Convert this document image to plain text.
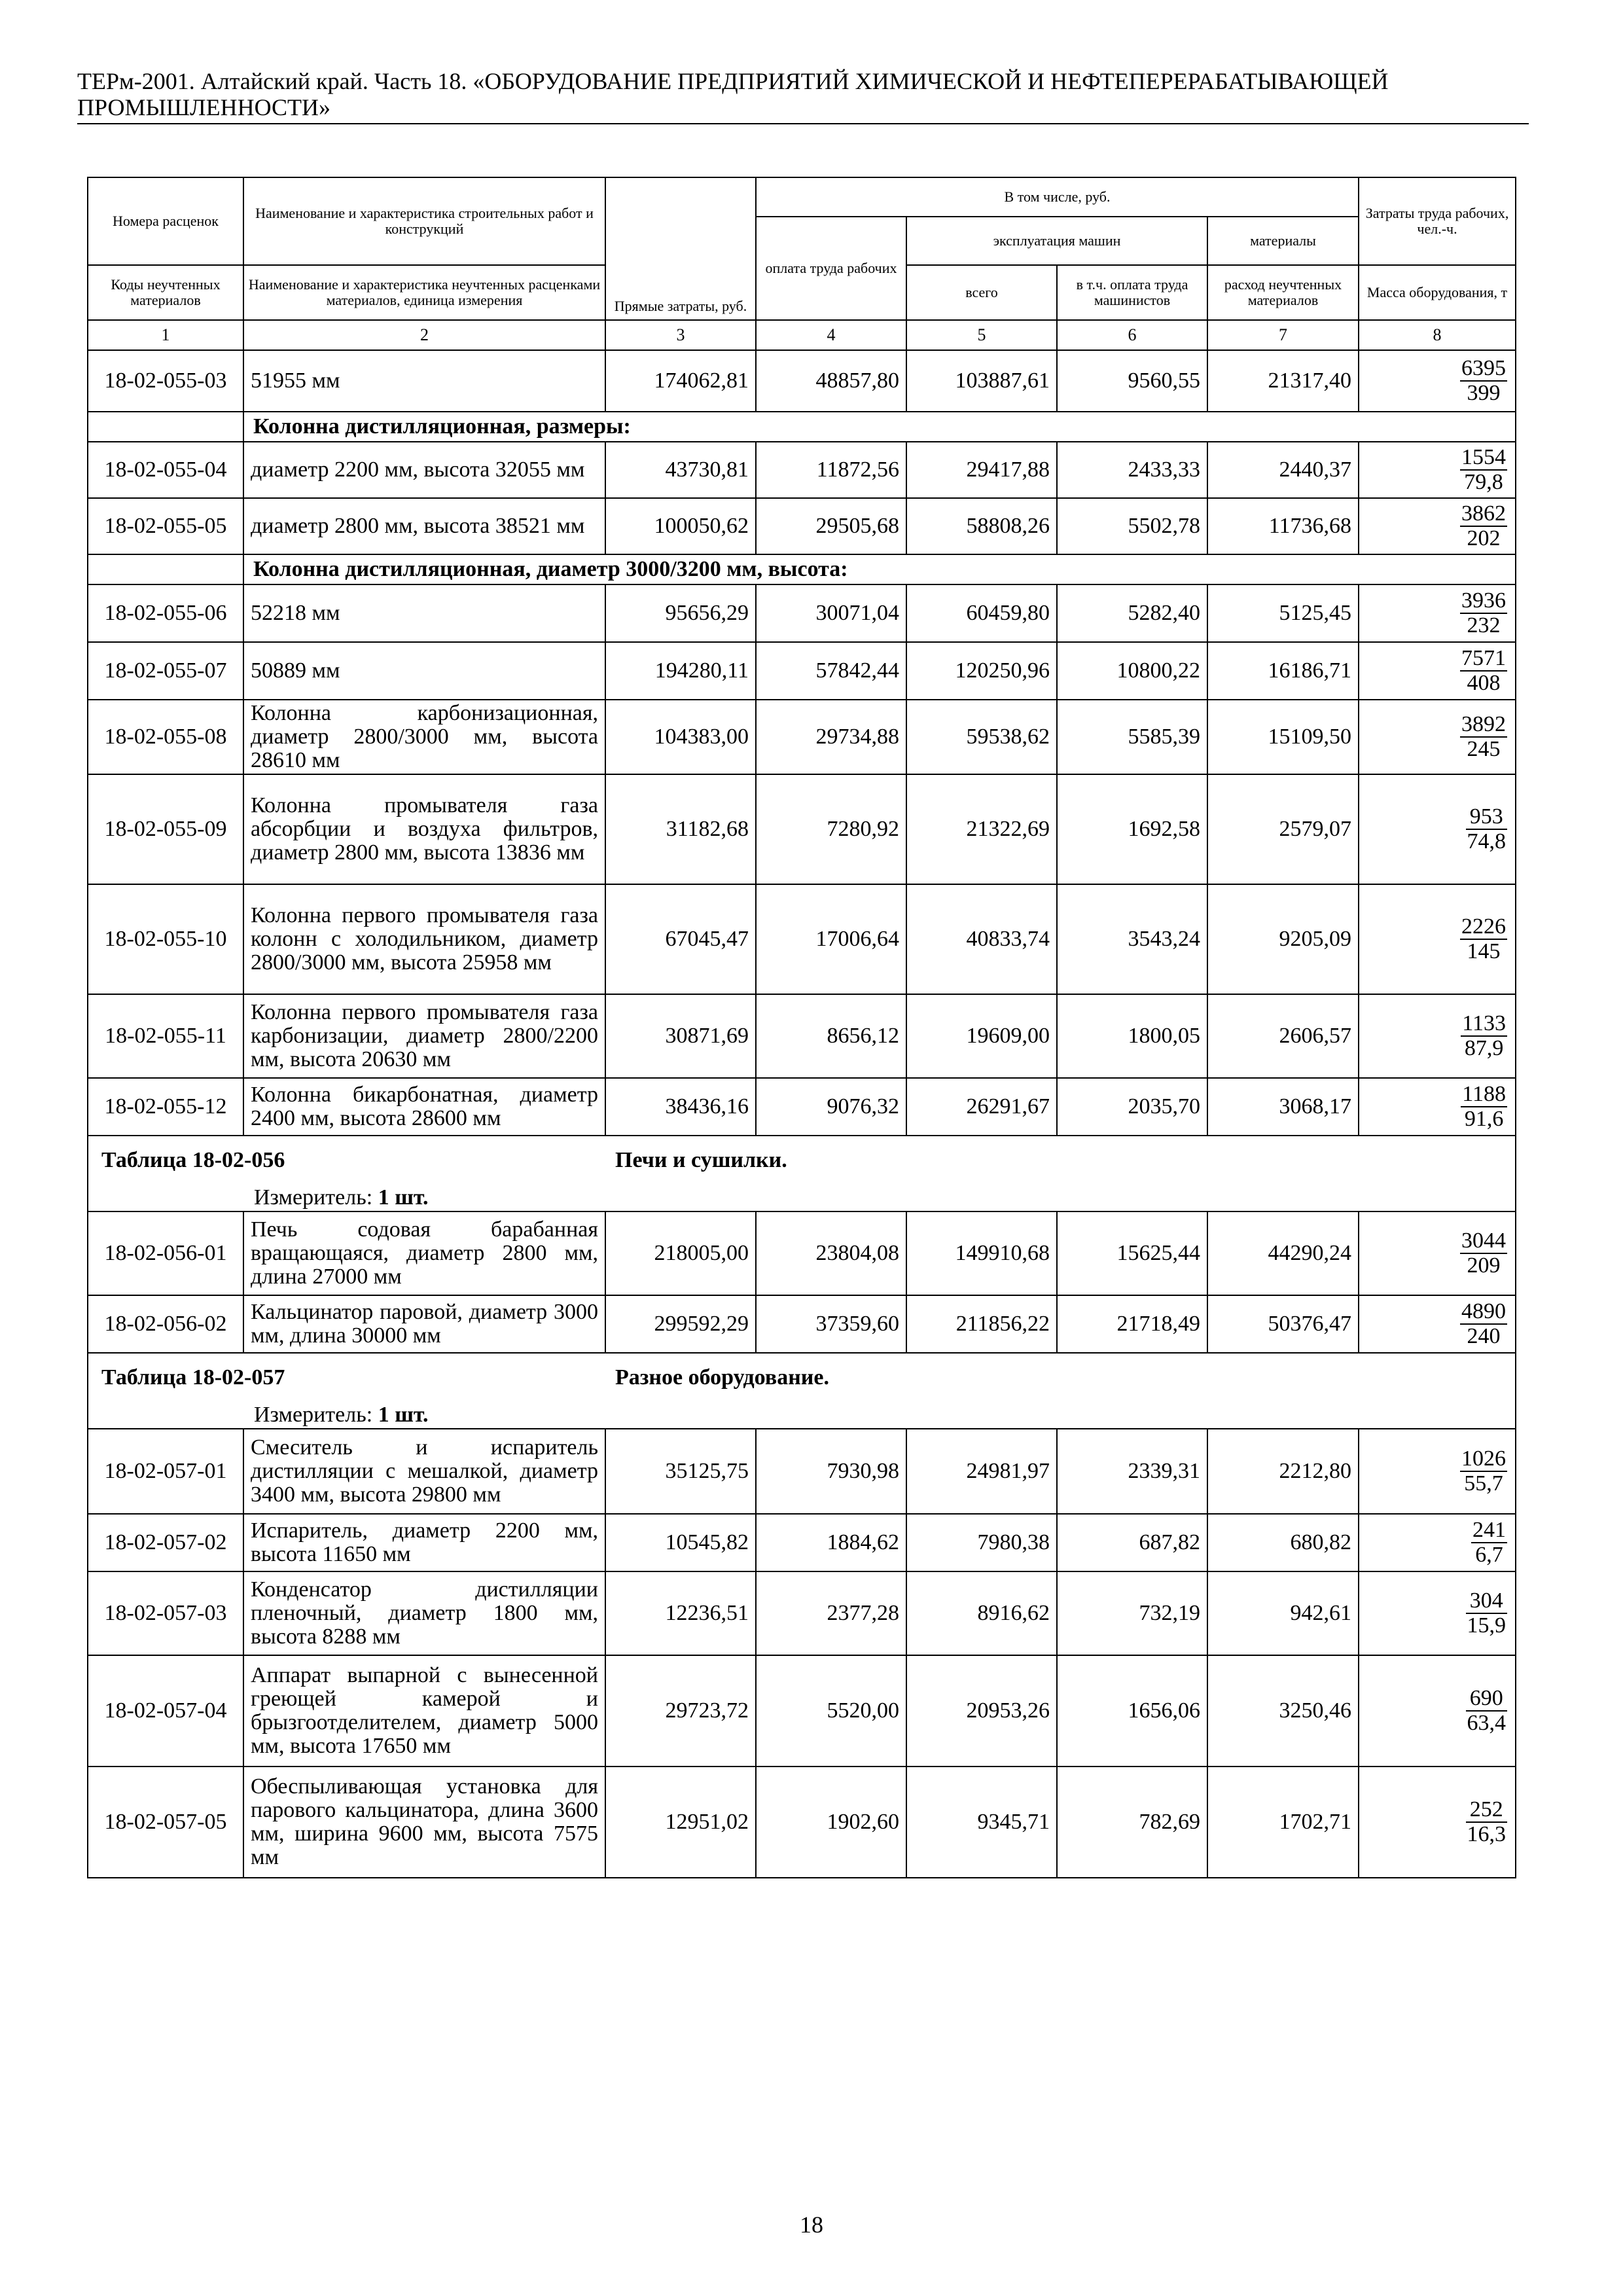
ТЕРм-2001. Алтайский край. Часть 18. «ОБОРУДОВАНИЕ ПРЕДПРИЯТИЙ ХИМИЧЕСКОЙ И НЕФТЕПЕРЕРАБАТЫВАЮЩЕЙ ПРОМЫШЛЕННОСТИ»
Номера расценок	Наименование и характеристика строительных работ и конструкций	Прямые затраты, руб.	В том числе, руб.				Затраты труда рабочих, чел.-ч.
			оплата труда рабочих	эксплуатация машин		материалы	
Коды неучтенных материалов	Наименование и характеристика неучтенных расценками материалов, единица измерения			всего	в т.ч. оплата труда машинистов	расход неучтенных материалов	Масса оборудования, т
1	2	3	4	5	6	7	8
18-02-055-03	51955 мм	174062,81	48857,80	103887,61	9560,55	21317,40	$\frac{6395}{399}$

	Колонна дистилляционная, размеры:						
18-02-055-04	диаметр 2200 мм, высота 32055 мм	43730,81	11872,56	29417,88	2433,33	2440,37	$\frac{1554}{79,8}$

18-02-055-05	диаметр 2800 мм, высота 38521 мм	100050,62	29505,68	58808,26	5502,78	11736,68	$\frac{3862}{202}$

	Колонна дистилляционная, диаметр 3000/3200 мм, высота:						
18-02-055-06	52218 мм	95656,29	30071,04	60459,80	5282,40	5125,45	$\frac{3936}{232}$

18-02-055-07	50889 мм	194280,11	57842,44	120250,96	10800,22	16186,71	$\frac{7571}{408}$

18-02-055-08	Колонна карбонизационная, диаметр 2800/3000 мм, высота 28610 мм	104383,00	29734,88	59538,62	5585,39	15109,50	$\frac{3892}{245}$

18-02-055-09	Колонна промывателя газа абсорбции и воздуха фильтров, диаметр 2800 мм, высота 13836 мм	31182,68	7280,92	21322,69	1692,58	2579,07	$\frac{953}{74,8}$

18-02-055-10	Колонна первого промывателя газа колонн с холодильником, диаметр 2800/3000 мм, высота 25958 мм	67045,47	17006,64	40833,74	3543,24	9205,09	$\frac{2226}{145}$

18-02-055-11	Колонна первого промывателя газа карбонизации, диаметр 2800/2200 мм, высота 20630 мм	30871,69	8656,12	19609,00	1800,05	2606,57	$\frac{1133}{87,9}$

18-02-055-12	Колонна бикарбонатная, диаметр 2400 мм, высота 28600 мм	38436,16	9076,32	26291,67	2035,70	3068,17	$\frac{1188}{91,6}$

Таблица 18-02-056 Печи и сушилки.							
Измеритель: 1 шт.							
18-02-056-01	Печь содовая барабанная вращающаяся, диаметр 2800 мм, длина 27000 мм	218005,00	23804,08	149910,68	15625,44	44290,24	$\frac{3044}{209}$

18-02-056-02	Кальцинатор паровой, диаметр 3000 мм, длина 30000 мм	299592,29	37359,60	211856,22	21718,49	50376,47	$\frac{4890}{240}$

Таблица 18-02-057 Разное оборудование.							
Измеритель: 1 шт.							
18-02-057-01	Смеситель и испаритель дистилляции с мешалкой, диаметр 3400 мм, высота 29800 мм	35125,75	7930,98	24981,97	2339,31	2212,80	$\frac{1026}{55,7}$

18-02-057-02	Испаритель, диаметр 2200 мм, высота 11650 мм	10545,82	1884,62	7980,38	687,82	680,82	$\frac{241}{6,7}$

18-02-057-03	Конденсатор дистилляции пленочный, диаметр 1800 мм, высота 8288 мм	12236,51	2377,28	8916,62	732,19	942,61	$\frac{304}{15,9}$

18-02-057-04	Аппарат выпарной с вынесенной греющей камерой и брызгоотделителем, диаметр 5000 мм, высота 17650 мм	29723,72	5520,00	20953,26	1656,06	3250,46	$\frac{690}{63,4}$

18-02-057-05	Обеспыливающая установка для парового кальцинатора, длина 3600 мм, ширина 9600 мм, высота 7575 мм	12951,02	1902,60	9345,71	782,69	1702,71	$\frac{252}{16,3}$
18
